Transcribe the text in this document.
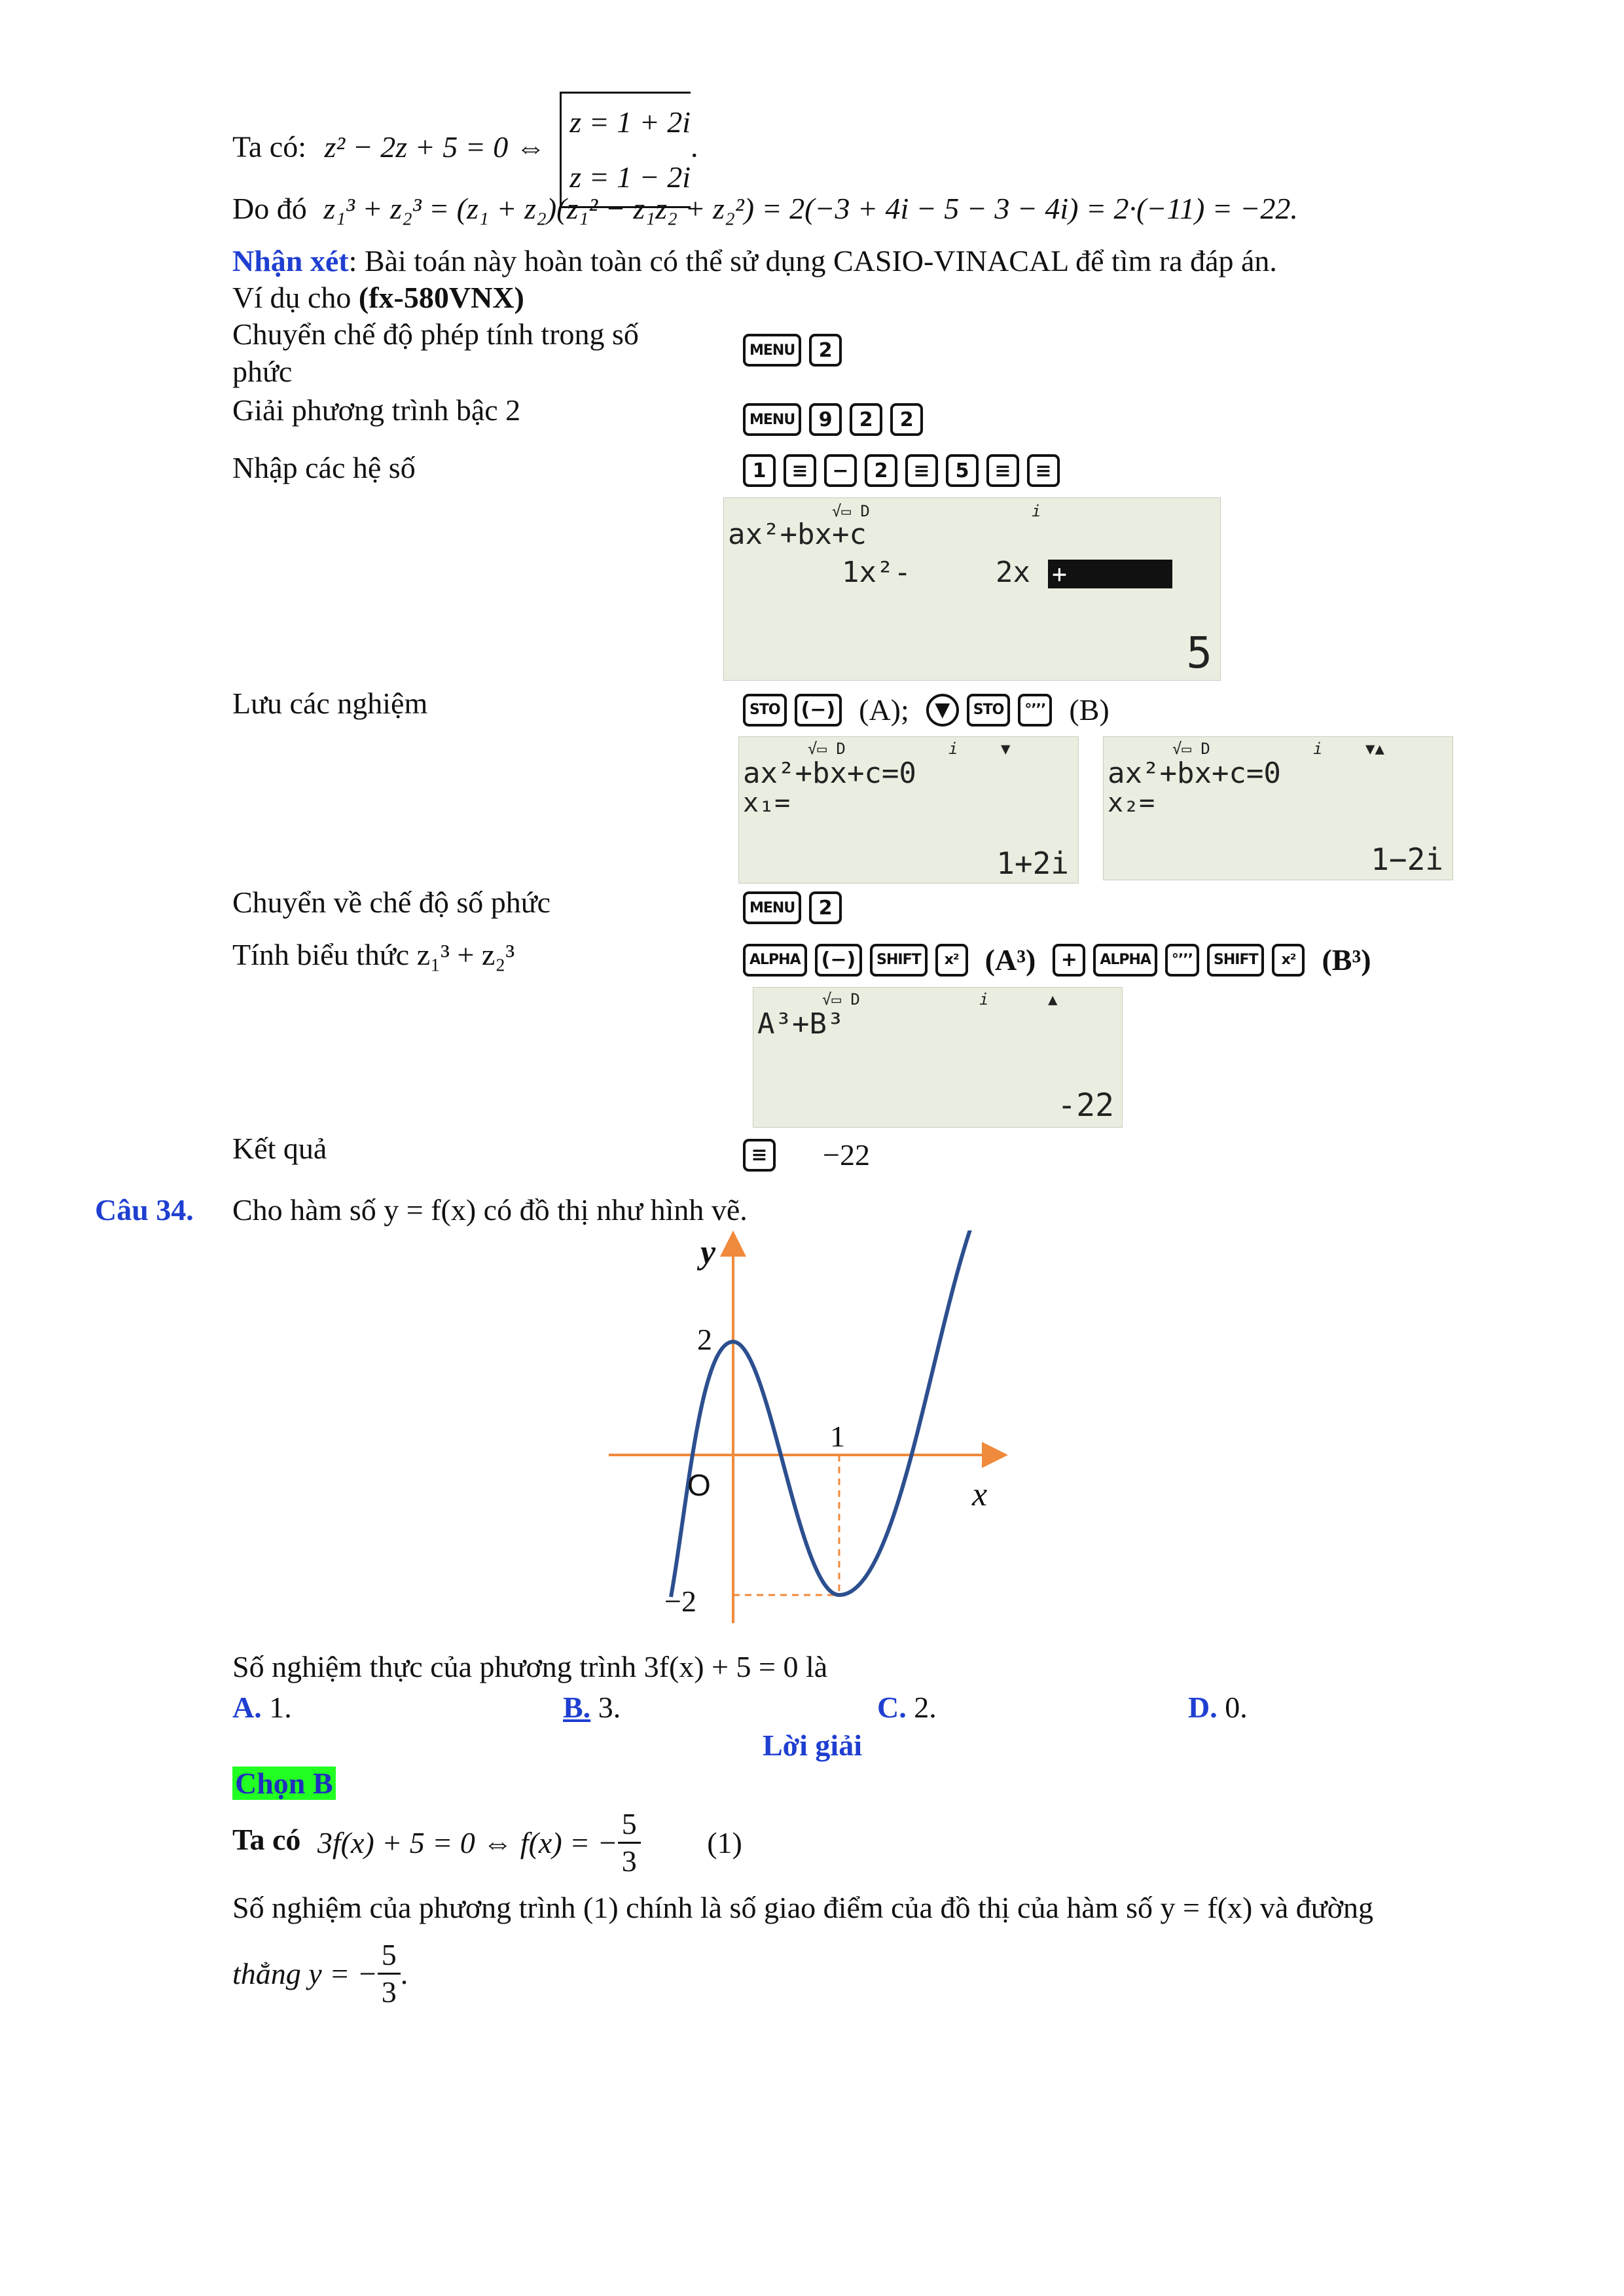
Ta có: z² − 2z + 5 = 0 ⇔
z = 1 + 2i
z = 1 − 2i
.
Do đó z₁³ + z₂³ = (z₁ + z₂)(z₁² − z₁z₂ + z₂²) = 2(−3 + 4i − 5 − 3 − 4i) = 2·(−11) = −22.
Nhận xét: Bài toán này hoàn toàn có thể sử dụng CASIO-VINACAL để tìm ra đáp án.
Ví dụ cho (fx-580VNX)
Chuyển chế độ phép tính trong số
phức
MENU	2
Giải phương trình bậc 2	MENU	9	2	2
Nhập các hệ số	1	≡	−	2	≡	5	≡	≡
√▭ D	i
ax²+bx+c
1x²-	2x +
5
Lưu các nghiệm	STO	(−) (A);	▼	STO	°’’’ (B)
√▭ D	i	▼
ax²+bx+c=0
x₁=
1+2i
√▭ D	i	▼▲
ax²+bx+c=0
x₂=
1−2i
Chuyển về chế độ số phức	MENU	2
Tính biểu thức z₁³ + z₂³	ALPHA	(−)	SHIFT	x² (A³)	+	ALPHA	°’’’	SHIFT	x² (B³)
√▭ D	i	▲
A³+B³
-22
Kết quả	≡	−22
Câu 34. Cho hàm số y = f(x) có đồ thị như hình vẽ.
y
x
O
2
−2
1
Số nghiệm thực của phương trình 3f(x) + 5 = 0 là
A. 1.	B. 3.	C. 2.	D. 0.
Lời giải
Chọn B
Ta có 3f(x) + 5 = 0 ⇔ f(x) = − $\frac{5}{3} (1)$
Số nghiệm của phương trình (1) chính là số giao điểm của đồ thị của hàm số y = f(x) và đường
thẳng y = − $\frac{5}{3}$ .
